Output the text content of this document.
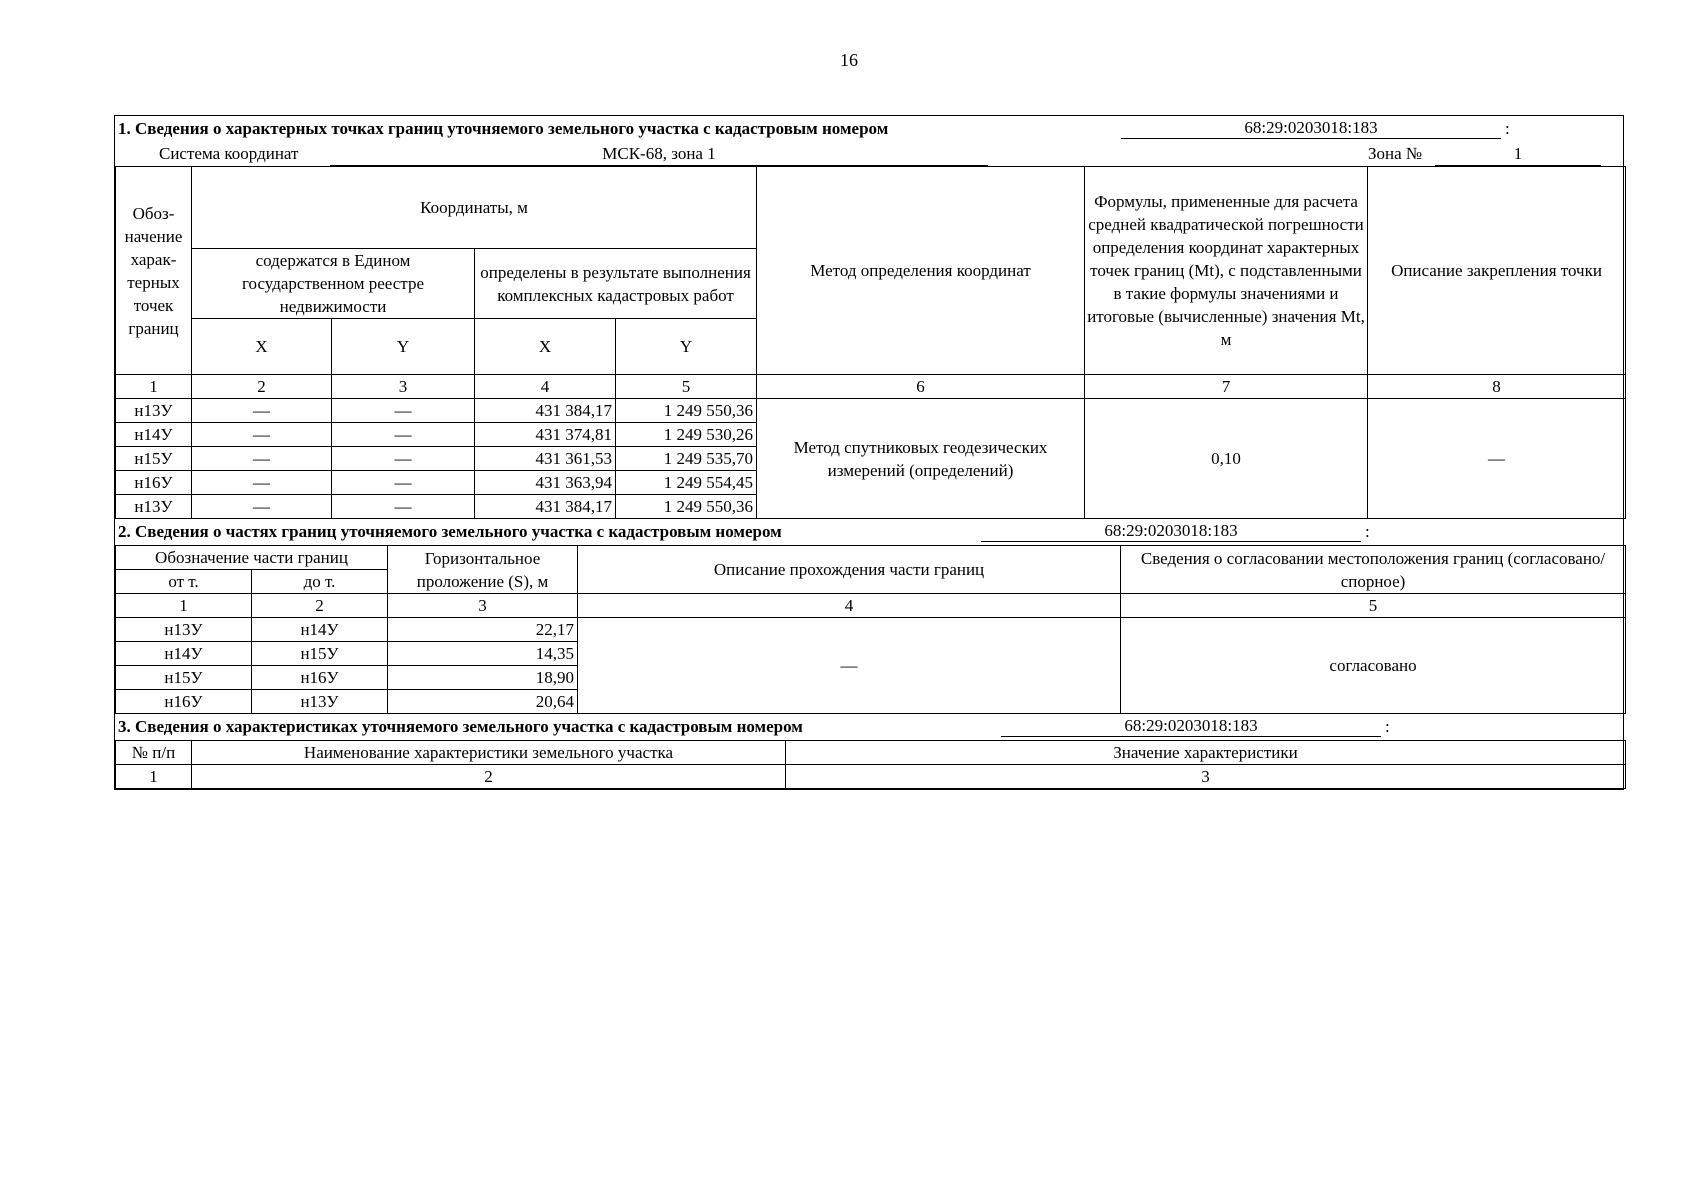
16
1. Сведения о характерных точках границ уточняемого земельного участка с кадастровым номером	68:29:0203018:183	:
Система координат	МСК-68, зона 1	Зона №	1
Обоз-начение харак-терных точек границ	Координаты, м				Метод определения координат	Формулы, примененные для расчета средней квадратической погрешности определения координат характерных точек границ (Mt), с подставленными в такие формулы значениями и итоговые (вычисленные) значения Mt, м	Описание закрепления точки
	содержатся в Едином государственном реестре недвижимости		определены в результате выполнения комплексных кадастровых работ				
	X	Y	X	Y			
1	2	3	4	5	6	7	8
н13У	—	—	431 384,17	1 249 550,36	Метод спутниковых геодезических измерений (определений)	0,10	—
н14У	—	—	431 374,81	1 249 530,26			
н15У	—	—	431 361,53	1 249 535,70			
н16У	—	—	431 363,94	1 249 554,45			
н13У	—	—	431 384,17	1 249 550,36			
2. Сведения о частях границ уточняемого земельного участка с кадастровым номером	68:29:0203018:183	:
Обозначение части границ		Горизонтальное проложение (S), м	Описание прохождения части границ	Сведения о согласовании местоположения границ (согласовано/спорное)
от т.	до т.			
1	2	3	4	5
н13У	н14У	22,17	—	согласовано
н14У	н15У	14,35		
н15У	н16У	18,90		
н16У	н13У	20,64		
3. Сведения о характеристиках уточняемого земельного участка с кадастровым номером	68:29:0203018:183	:
№ п/п	Наименование характеристики земельного участка	Значение характеристики
1	2	3
